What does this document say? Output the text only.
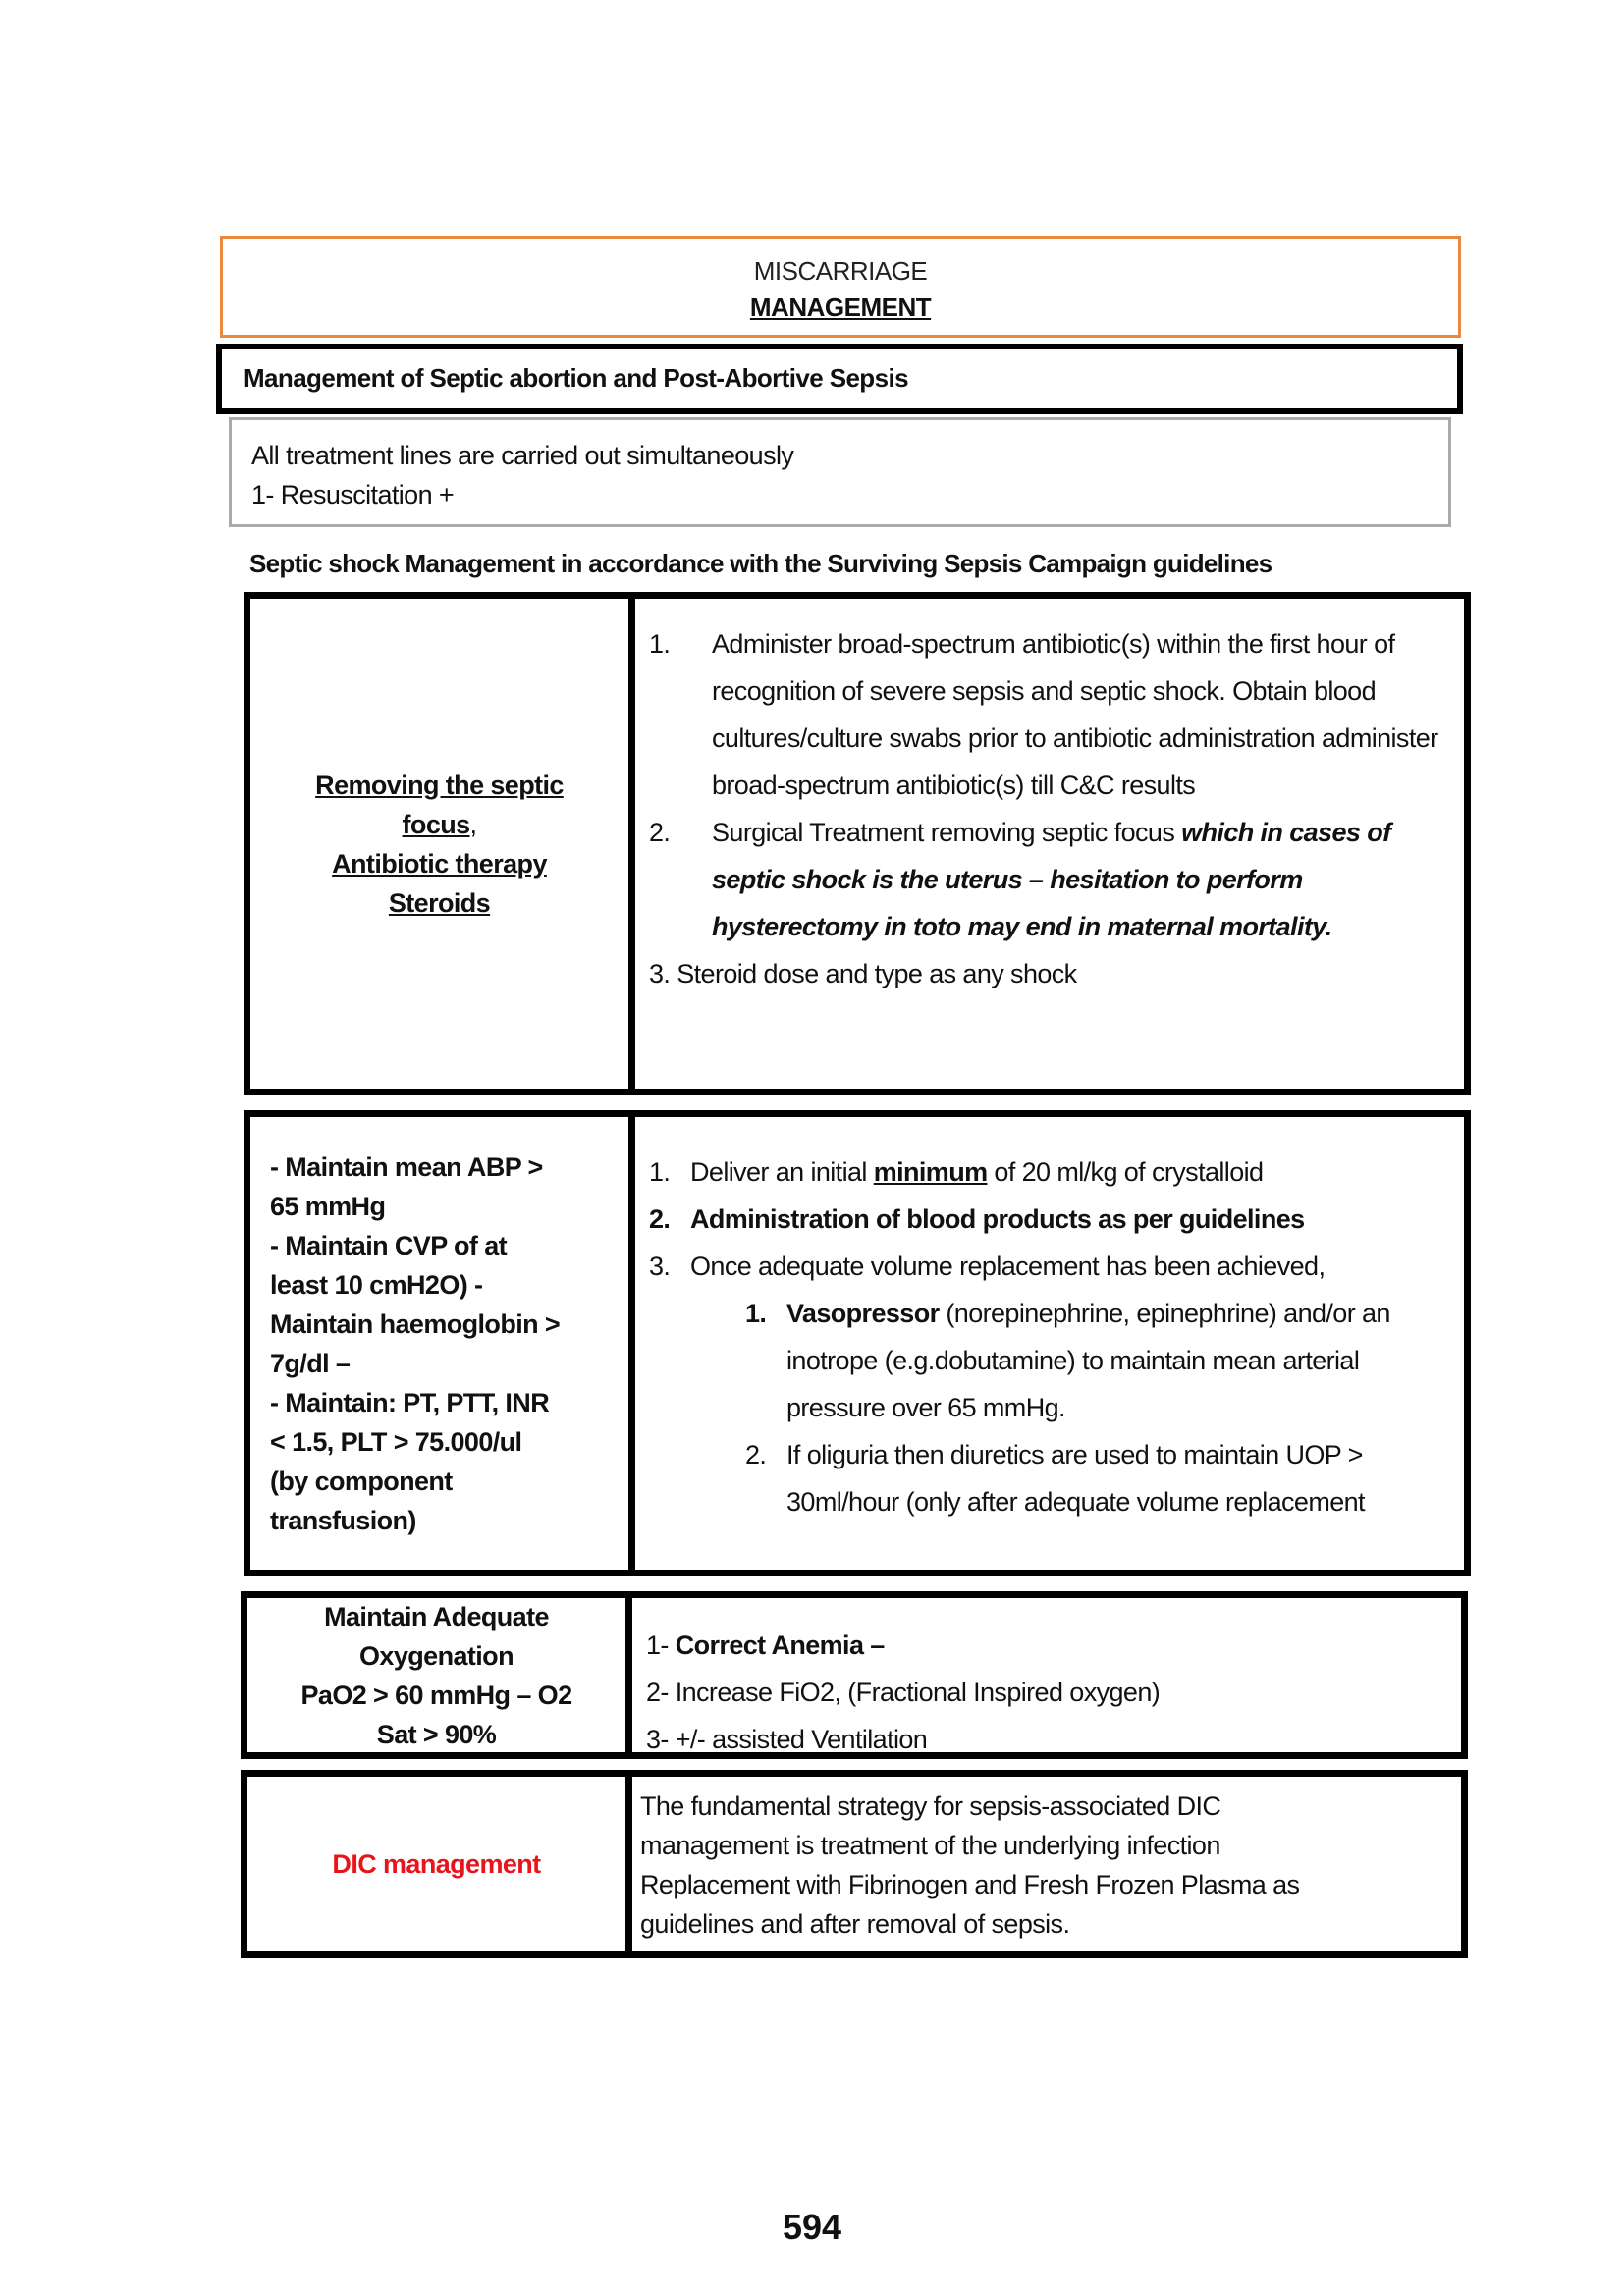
MISCARRIAGE
MANAGEMENT
Management of Septic abortion and Post-Abortive Sepsis
All treatment lines are carried out simultaneously
1- Resuscitation +
Septic shock Management in accordance with the Surviving Sepsis Campaign guidelines
Removing the septic
focus,
Antibiotic therapy
Steroids
1.	Administer broad-spectrum antibiotic(s) within the first hour of recognition of severe sepsis and septic shock. Obtain blood cultures/culture swabs prior to antibiotic administration administer broad-spectrum antibiotic(s) till C&C results
2.	Surgical Treatment removing septic focus which in cases of septic shock is the uterus – hesitation to perform hysterectomy in toto may end in maternal mortality.
3. Steroid dose and type as any shock
- Maintain mean ABP >
65 mmHg
- Maintain CVP of at
least 10 cmH2O) -
Maintain haemoglobin >
7g/dl –
- Maintain: PT, PTT, INR
< 1.5, PLT > 75.000/ul
(by component
transfusion)
1. Deliver an initial minimum of 20 ml/kg of crystalloid
2. Administration of blood products as per guidelines
3. Once adequate volume replacement has been achieved,
1. Vasopressor (norepinephrine, epinephrine) and/or an inotrope (e.g.dobutamine) to maintain mean arterial pressure over 65 mmHg.
2. If oliguria then diuretics are used to maintain UOP > 30ml/hour (only after adequate volume replacement
Maintain Adequate
Oxygenation
PaO2 > 60 mmHg – O2
Sat > 90%
1- Correct Anemia –
2- Increase FiO2, (Fractional Inspired oxygen)
3- +/- assisted Ventilation
DIC management
The fundamental strategy for sepsis-associated DIC
management is treatment of the underlying infection
Replacement with Fibrinogen and Fresh Frozen Plasma as
guidelines and after removal of sepsis.
594
